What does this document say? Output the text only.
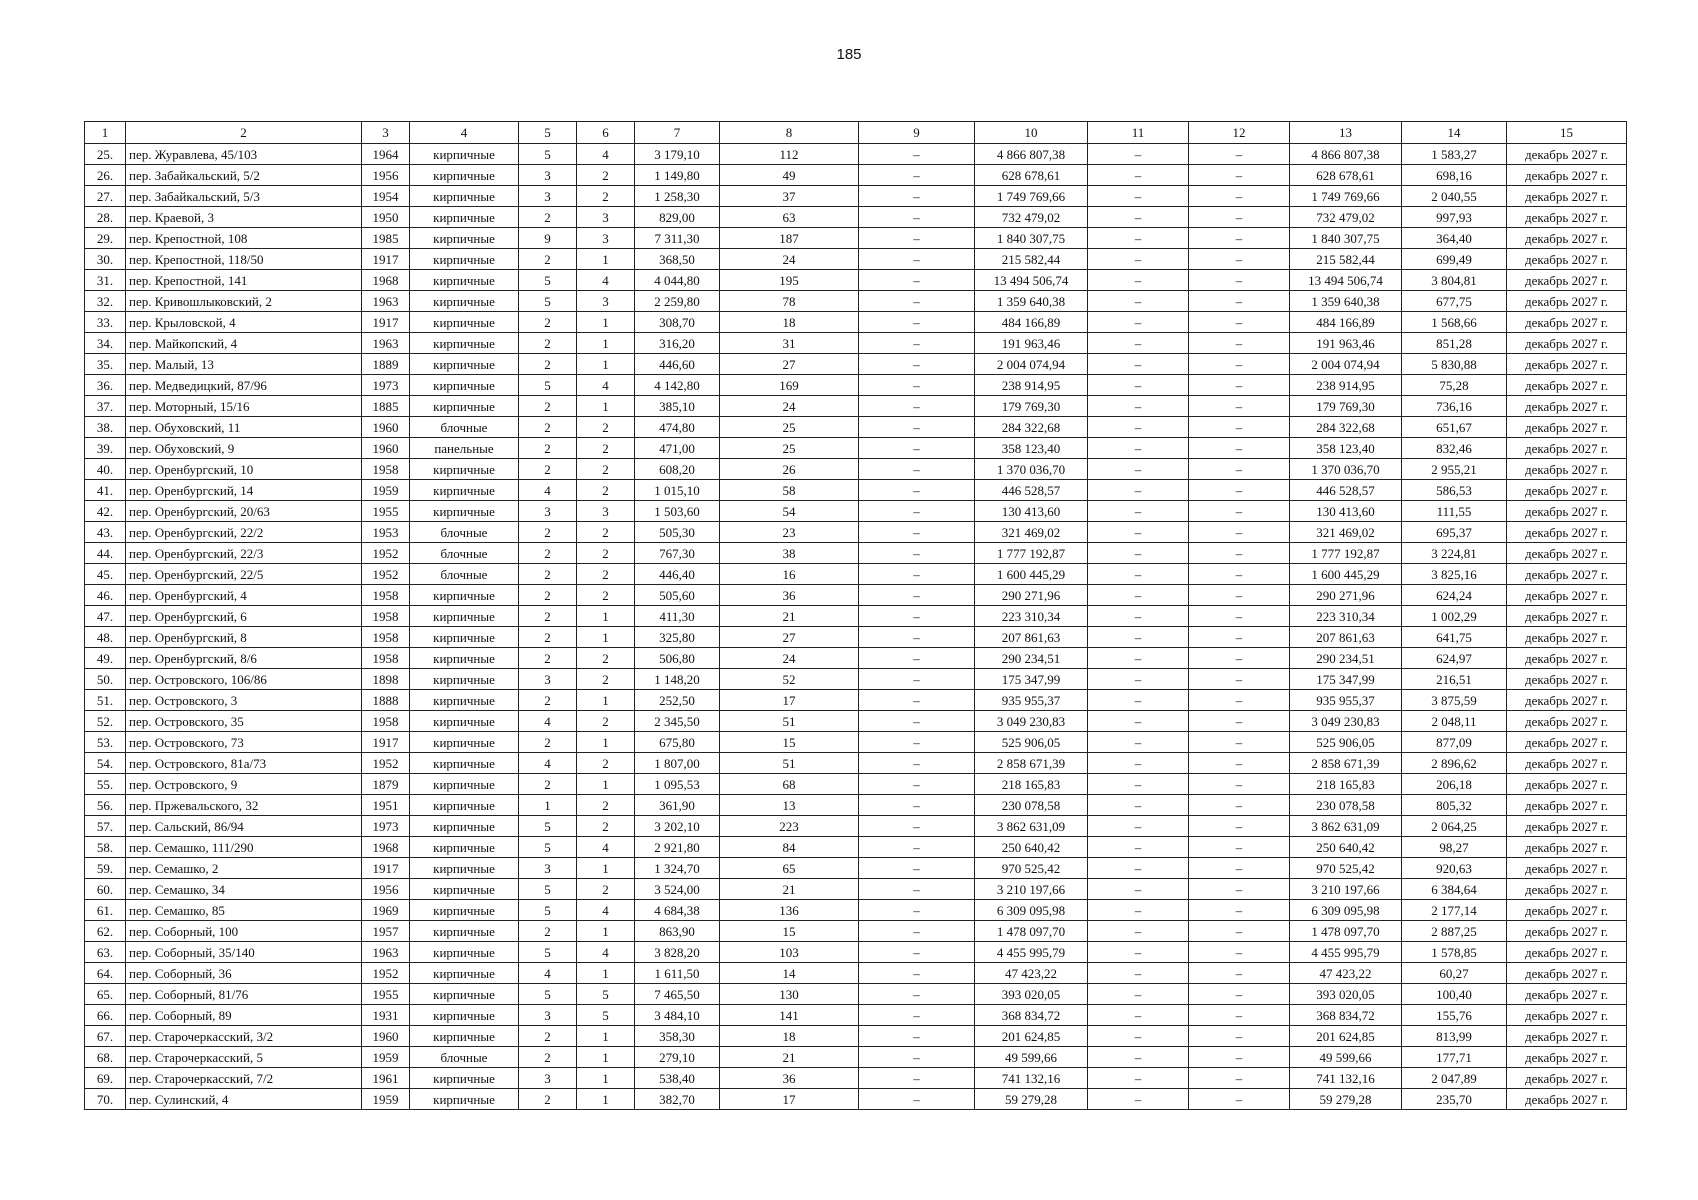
185
1	2	3	4	5	6	7	8	9	10	11	12	13	14	15
25.	пер. Журавлева, 45/103	1964	кирпичные	5	4	3 179,10	112	–	4 866 807,38	–	–	4 866 807,38	1 583,27	декабрь 2027 г.
26.	пер. Забайкальский, 5/2	1956	кирпичные	3	2	1 149,80	49	–	628 678,61	–	–	628 678,61	698,16	декабрь 2027 г.
27.	пер. Забайкальский, 5/3	1954	кирпичные	3	2	1 258,30	37	–	1 749 769,66	–	–	1 749 769,66	2 040,55	декабрь 2027 г.
28.	пер. Краевой, 3	1950	кирпичные	2	3	829,00	63	–	732 479,02	–	–	732 479,02	997,93	декабрь 2027 г.
29.	пер. Крепостной, 108	1985	кирпичные	9	3	7 311,30	187	–	1 840 307,75	–	–	1 840 307,75	364,40	декабрь 2027 г.
30.	пер. Крепостной, 118/50	1917	кирпичные	2	1	368,50	24	–	215 582,44	–	–	215 582,44	699,49	декабрь 2027 г.
31.	пер. Крепостной, 141	1968	кирпичные	5	4	4 044,80	195	–	13 494 506,74	–	–	13 494 506,74	3 804,81	декабрь 2027 г.
32.	пер. Кривошлыковский, 2	1963	кирпичные	5	3	2 259,80	78	–	1 359 640,38	–	–	1 359 640,38	677,75	декабрь 2027 г.
33.	пер. Крыловской, 4	1917	кирпичные	2	1	308,70	18	–	484 166,89	–	–	484 166,89	1 568,66	декабрь 2027 г.
34.	пер. Майкопский, 4	1963	кирпичные	2	1	316,20	31	–	191 963,46	–	–	191 963,46	851,28	декабрь 2027 г.
35.	пер. Малый, 13	1889	кирпичные	2	1	446,60	27	–	2 004 074,94	–	–	2 004 074,94	5 830,88	декабрь 2027 г.
36.	пер. Медведицкий, 87/96	1973	кирпичные	5	4	4 142,80	169	–	238 914,95	–	–	238 914,95	75,28	декабрь 2027 г.
37.	пер. Моторный, 15/16	1885	кирпичные	2	1	385,10	24	–	179 769,30	–	–	179 769,30	736,16	декабрь 2027 г.
38.	пер. Обуховский, 11	1960	блочные	2	2	474,80	25	–	284 322,68	–	–	284 322,68	651,67	декабрь 2027 г.
39.	пер. Обуховский, 9	1960	панельные	2	2	471,00	25	–	358 123,40	–	–	358 123,40	832,46	декабрь 2027 г.
40.	пер. Оренбургский, 10	1958	кирпичные	2	2	608,20	26	–	1 370 036,70	–	–	1 370 036,70	2 955,21	декабрь 2027 г.
41.	пер. Оренбургский, 14	1959	кирпичные	4	2	1 015,10	58	–	446 528,57	–	–	446 528,57	586,53	декабрь 2027 г.
42.	пер. Оренбургский, 20/63	1955	кирпичные	3	3	1 503,60	54	–	130 413,60	–	–	130 413,60	111,55	декабрь 2027 г.
43.	пер. Оренбургский, 22/2	1953	блочные	2	2	505,30	23	–	321 469,02	–	–	321 469,02	695,37	декабрь 2027 г.
44.	пер. Оренбургский, 22/3	1952	блочные	2	2	767,30	38	–	1 777 192,87	–	–	1 777 192,87	3 224,81	декабрь 2027 г.
45.	пер. Оренбургский, 22/5	1952	блочные	2	2	446,40	16	–	1 600 445,29	–	–	1 600 445,29	3 825,16	декабрь 2027 г.
46.	пер. Оренбургский, 4	1958	кирпичные	2	2	505,60	36	–	290 271,96	–	–	290 271,96	624,24	декабрь 2027 г.
47.	пер. Оренбургский, 6	1958	кирпичные	2	1	411,30	21	–	223 310,34	–	–	223 310,34	1 002,29	декабрь 2027 г.
48.	пер. Оренбургский, 8	1958	кирпичные	2	1	325,80	27	–	207 861,63	–	–	207 861,63	641,75	декабрь 2027 г.
49.	пер. Оренбургский, 8/6	1958	кирпичные	2	2	506,80	24	–	290 234,51	–	–	290 234,51	624,97	декабрь 2027 г.
50.	пер. Островского, 106/86	1898	кирпичные	3	2	1 148,20	52	–	175 347,99	–	–	175 347,99	216,51	декабрь 2027 г.
51.	пер. Островского, 3	1888	кирпичные	2	1	252,50	17	–	935 955,37	–	–	935 955,37	3 875,59	декабрь 2027 г.
52.	пер. Островского, 35	1958	кирпичные	4	2	2 345,50	51	–	3 049 230,83	–	–	3 049 230,83	2 048,11	декабрь 2027 г.
53.	пер. Островского, 73	1917	кирпичные	2	1	675,80	15	–	525 906,05	–	–	525 906,05	877,09	декабрь 2027 г.
54.	пер. Островского, 81а/73	1952	кирпичные	4	2	1 807,00	51	–	2 858 671,39	–	–	2 858 671,39	2 896,62	декабрь 2027 г.
55.	пер. Островского, 9	1879	кирпичные	2	1	1 095,53	68	–	218 165,83	–	–	218 165,83	206,18	декабрь 2027 г.
56.	пер. Пржевальского, 32	1951	кирпичные	1	2	361,90	13	–	230 078,58	–	–	230 078,58	805,32	декабрь 2027 г.
57.	пер. Сальский, 86/94	1973	кирпичные	5	2	3 202,10	223	–	3 862 631,09	–	–	3 862 631,09	2 064,25	декабрь 2027 г.
58.	пер. Семашко, 111/290	1968	кирпичные	5	4	2 921,80	84	–	250 640,42	–	–	250 640,42	98,27	декабрь 2027 г.
59.	пер. Семашко, 2	1917	кирпичные	3	1	1 324,70	65	–	970 525,42	–	–	970 525,42	920,63	декабрь 2027 г.
60.	пер. Семашко, 34	1956	кирпичные	5	2	3 524,00	21	–	3 210 197,66	–	–	3 210 197,66	6 384,64	декабрь 2027 г.
61.	пер. Семашко, 85	1969	кирпичные	5	4	4 684,38	136	–	6 309 095,98	–	–	6 309 095,98	2 177,14	декабрь 2027 г.
62.	пер. Соборный, 100	1957	кирпичные	2	1	863,90	15	–	1 478 097,70	–	–	1 478 097,70	2 887,25	декабрь 2027 г.
63.	пер. Соборный, 35/140	1963	кирпичные	5	4	3 828,20	103	–	4 455 995,79	–	–	4 455 995,79	1 578,85	декабрь 2027 г.
64.	пер. Соборный, 36	1952	кирпичные	4	1	1 611,50	14	–	47 423,22	–	–	47 423,22	60,27	декабрь 2027 г.
65.	пер. Соборный, 81/76	1955	кирпичные	5	5	7 465,50	130	–	393 020,05	–	–	393 020,05	100,40	декабрь 2027 г.
66.	пер. Соборный, 89	1931	кирпичные	3	5	3 484,10	141	–	368 834,72	–	–	368 834,72	155,76	декабрь 2027 г.
67.	пер. Старочеркасский, 3/2	1960	кирпичные	2	1	358,30	18	–	201 624,85	–	–	201 624,85	813,99	декабрь 2027 г.
68.	пер. Старочеркасский, 5	1959	блочные	2	1	279,10	21	–	49 599,66	–	–	49 599,66	177,71	декабрь 2027 г.
69.	пер. Старочеркасский, 7/2	1961	кирпичные	3	1	538,40	36	–	741 132,16	–	–	741 132,16	2 047,89	декабрь 2027 г.
70.	пер. Сулинский, 4	1959	кирпичные	2	1	382,70	17	–	59 279,28	–	–	59 279,28	235,70	декабрь 2027 г.
